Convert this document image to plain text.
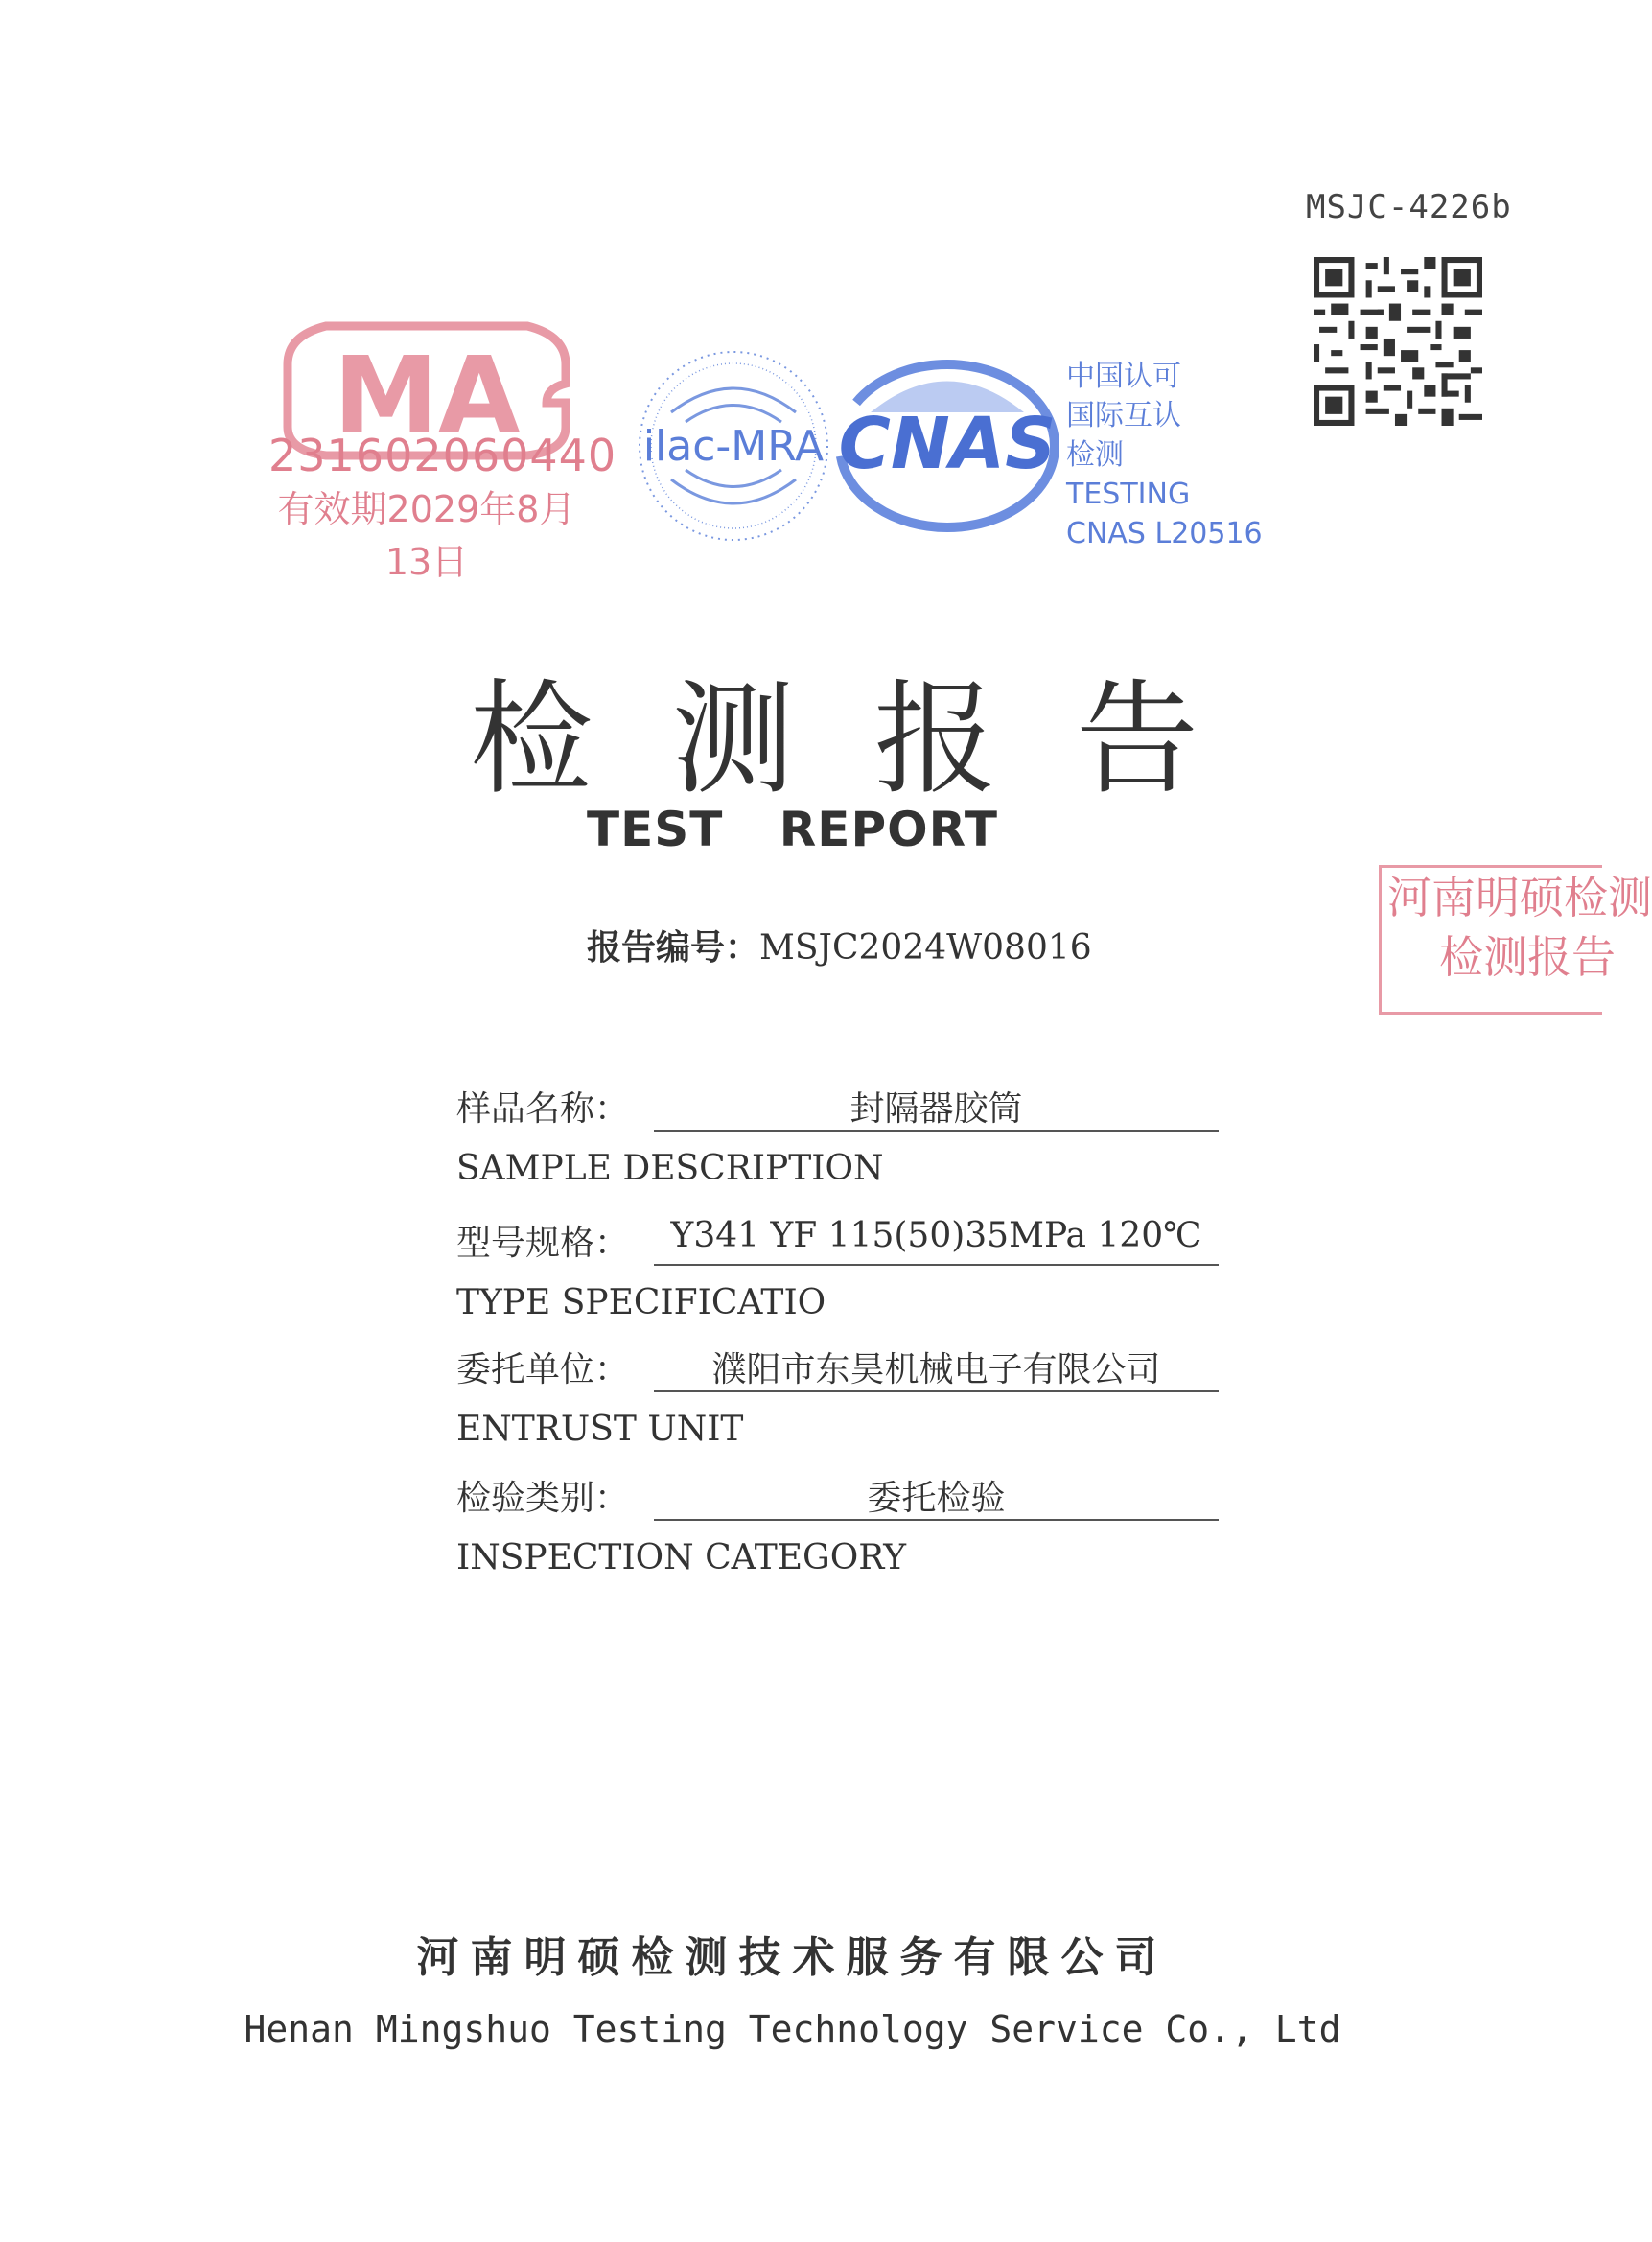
MSJC-4226b
MA
231602060440
有效期2029年8月13日
ilac-MRA CNAS
中国认可
国际互认
检测
TESTING
CNAS L20516
检 测 报 告
TEST REPORT
报告编号：MSJC2024W08016
样品名称：	封隔器胶筒
SAMPLE DESCRIPTION
型号规格：	Y341 YF 115(50)35MPa 120℃
TYPE SPECIFICATIO
委托单位：	濮阳市东昊机械电子有限公司
ENTRUST UNIT
检验类别：	委托检验
INSPECTION CATEGORY
河南明硕检测技术服务有限公司
Henan Mingshuo Testing Technology Service Co., Ltd
河南明硕检测
检测报告
